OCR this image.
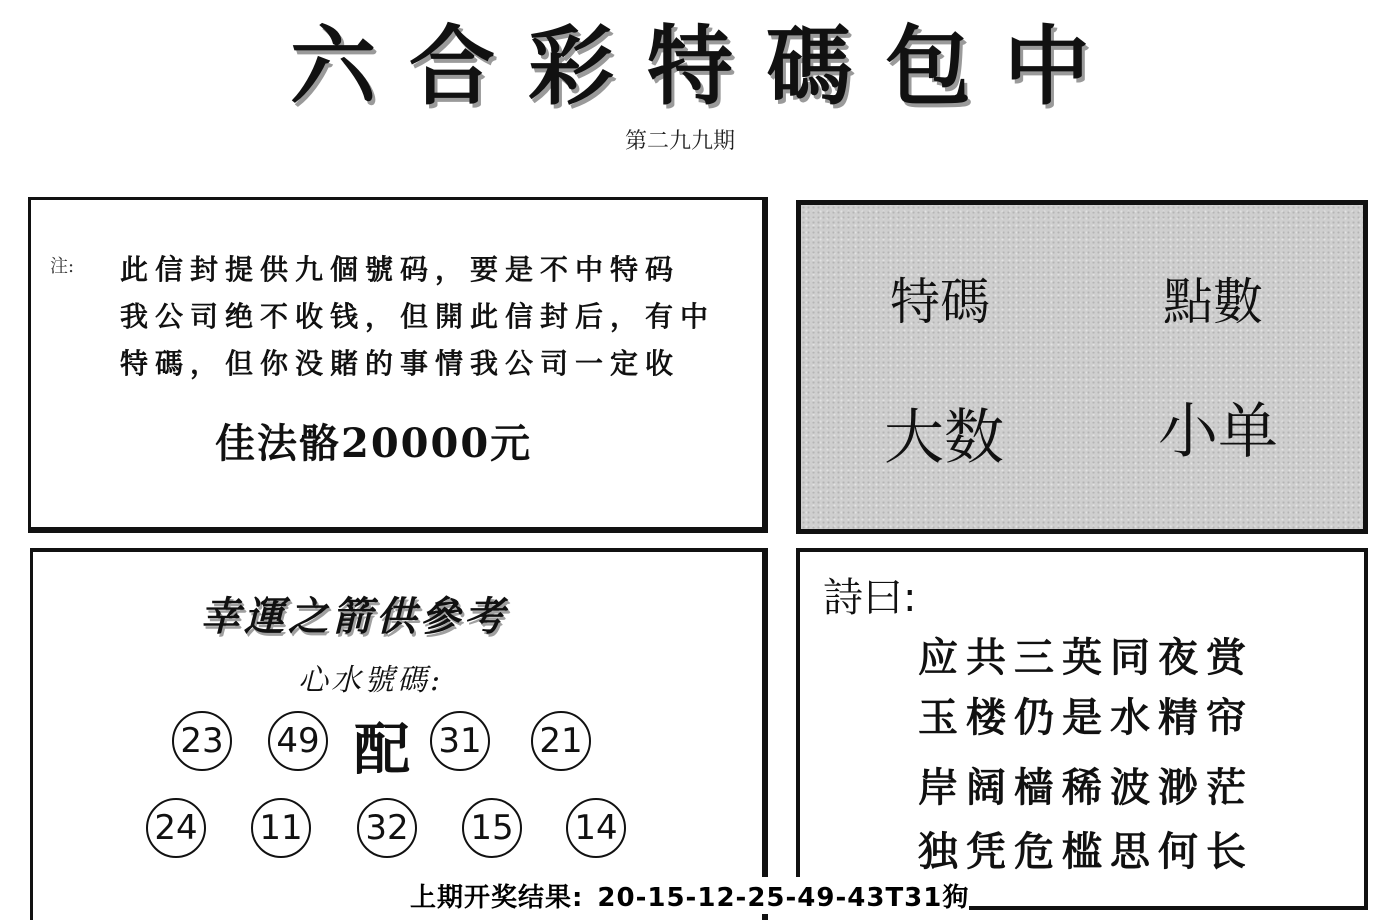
六 合 彩 特 碼 包 中
第二九九期
注: 此信封提供九個號码，要是不中特码
我公司绝不收钱，但開此信封后，有中
特碼，但你没賭的事情我公司一定收
佳法骼20000元
特碼	點數
大数	小单
幸運之箭供參考
心水號碼:
23 49 配 31 21
24 11 32 15 14
詩曰:
应共三英同夜赏
玉楼仍是水精帘
岸阔樯稀波渺茫
独凭危槛思何长
上期开奖结果: 20-15-12-25-49-43T31狗
